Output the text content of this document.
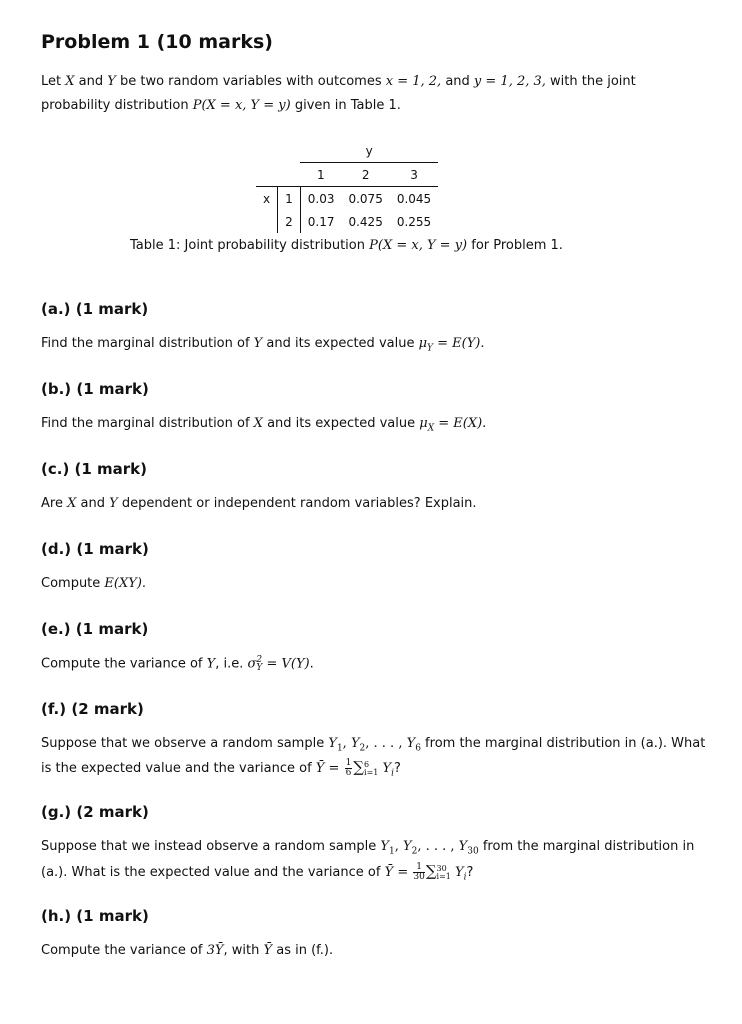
Problem 1 (10 marks)
Let X and Y be two random variables with outcomes x = 1, 2, and y = 1, 2, 3, with the joint
probability distribution P(X = x, Y = y) given in Table 1.
		y		
		1	2	3
x	1	0.03	0.075	0.045
	2	0.17	0.425	0.255
Table 1: Joint probability distribution P(X = x, Y = y) for Problem 1.
(a.) (1 mark)
Find the marginal distribution of Y and its expected value $\mu_Y = E(Y)$.
(b.) (1 mark)
Find the marginal distribution of X and its expected value $\mu_X = E(X)$.
(c.) (1 mark)
Are X and Y dependent or independent random variables? Explain.
(d.) (1 mark)
Compute E(XY).
(e.) (1 mark)
Compute the variance of Y, i.e. σ 2
Y = V(Y).
(f.) (2 mark)
Suppose that we observe a random sample $Y_1$, $Y_2$, . . . , $Y_6$ from the marginal distribution in (a.). What
is the expected value and the variance of Ȳ = $\frac{1}{6}$ ∑ 6
i=1 $Y_i$?
(g.) (2 mark)
Suppose that we instead observe a random sample $Y_1$, $Y_2$, . . . , $Y_{30}$ from the marginal distribution in
(a.). What is the expected value and the variance of Ȳ = $\frac{1}{30}$ ∑ 30
i=1 $Y_i$?
(h.) (1 mark)
Compute the variance of 3Ȳ, with Ȳ as in (f.).
